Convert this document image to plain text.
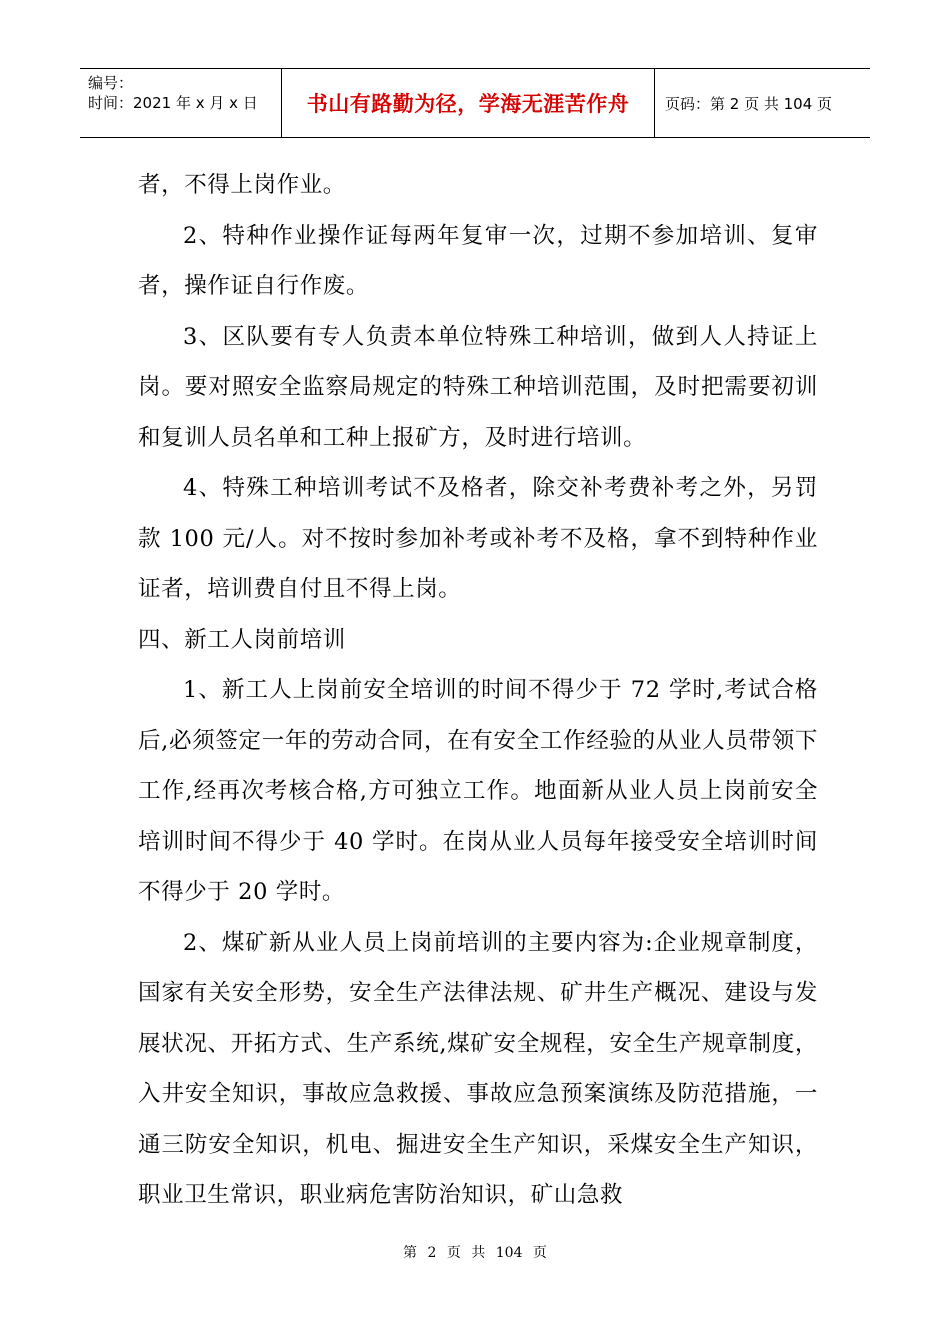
编号：
时间：2021 年 x 月 x 日	书山有路勤为径，学海无涯苦作舟	页码：第 2 页 共 104 页

者，不得上岗作业。

2、特种作业操作证每两年复审一次，过期不参加培训、复审者，操作证自行作废。

3、区队要有专人负责本单位特殊工种培训，做到人人持证上岗。要对照安全监察局规定的特殊工种培训范围，及时把需要初训和复训人员名单和工种上报矿方，及时进行培训。

4、特殊工种培训考试不及格者，除交补考费补考之外，另罚款 100 元/人。对不按时参加补考或补考不及格，拿不到特种作业证者，培训费自付且不得上岗。

四、新工人岗前培训

1、新工人上岗前安全培训的时间不得少于 72 学时,考试合格后,必须签定一年的劳动合同，在有安全工作经验的从业人员带领下工作,经再次考核合格,方可独立工作。地面新从业人员上岗前安全培训时间不得少于 40 学时。在岗从业人员每年接受安全培训时间不得少于 20 学时。

2、煤矿新从业人员上岗前培训的主要内容为:企业规章制度，国家有关安全形势，安全生产法律法规、矿井生产概况、建设与发展状况、开拓方式、生产系统,煤矿安全规程，安全生产规章制度，入井安全知识，事故应急救援、事故应急预案演练及防范措施，一通三防安全知识，机电、掘进安全生产知识，采煤安全生产知识，职业卫生常识，职业病危害防治知识，矿山急救

第 2 页 共 104 页
